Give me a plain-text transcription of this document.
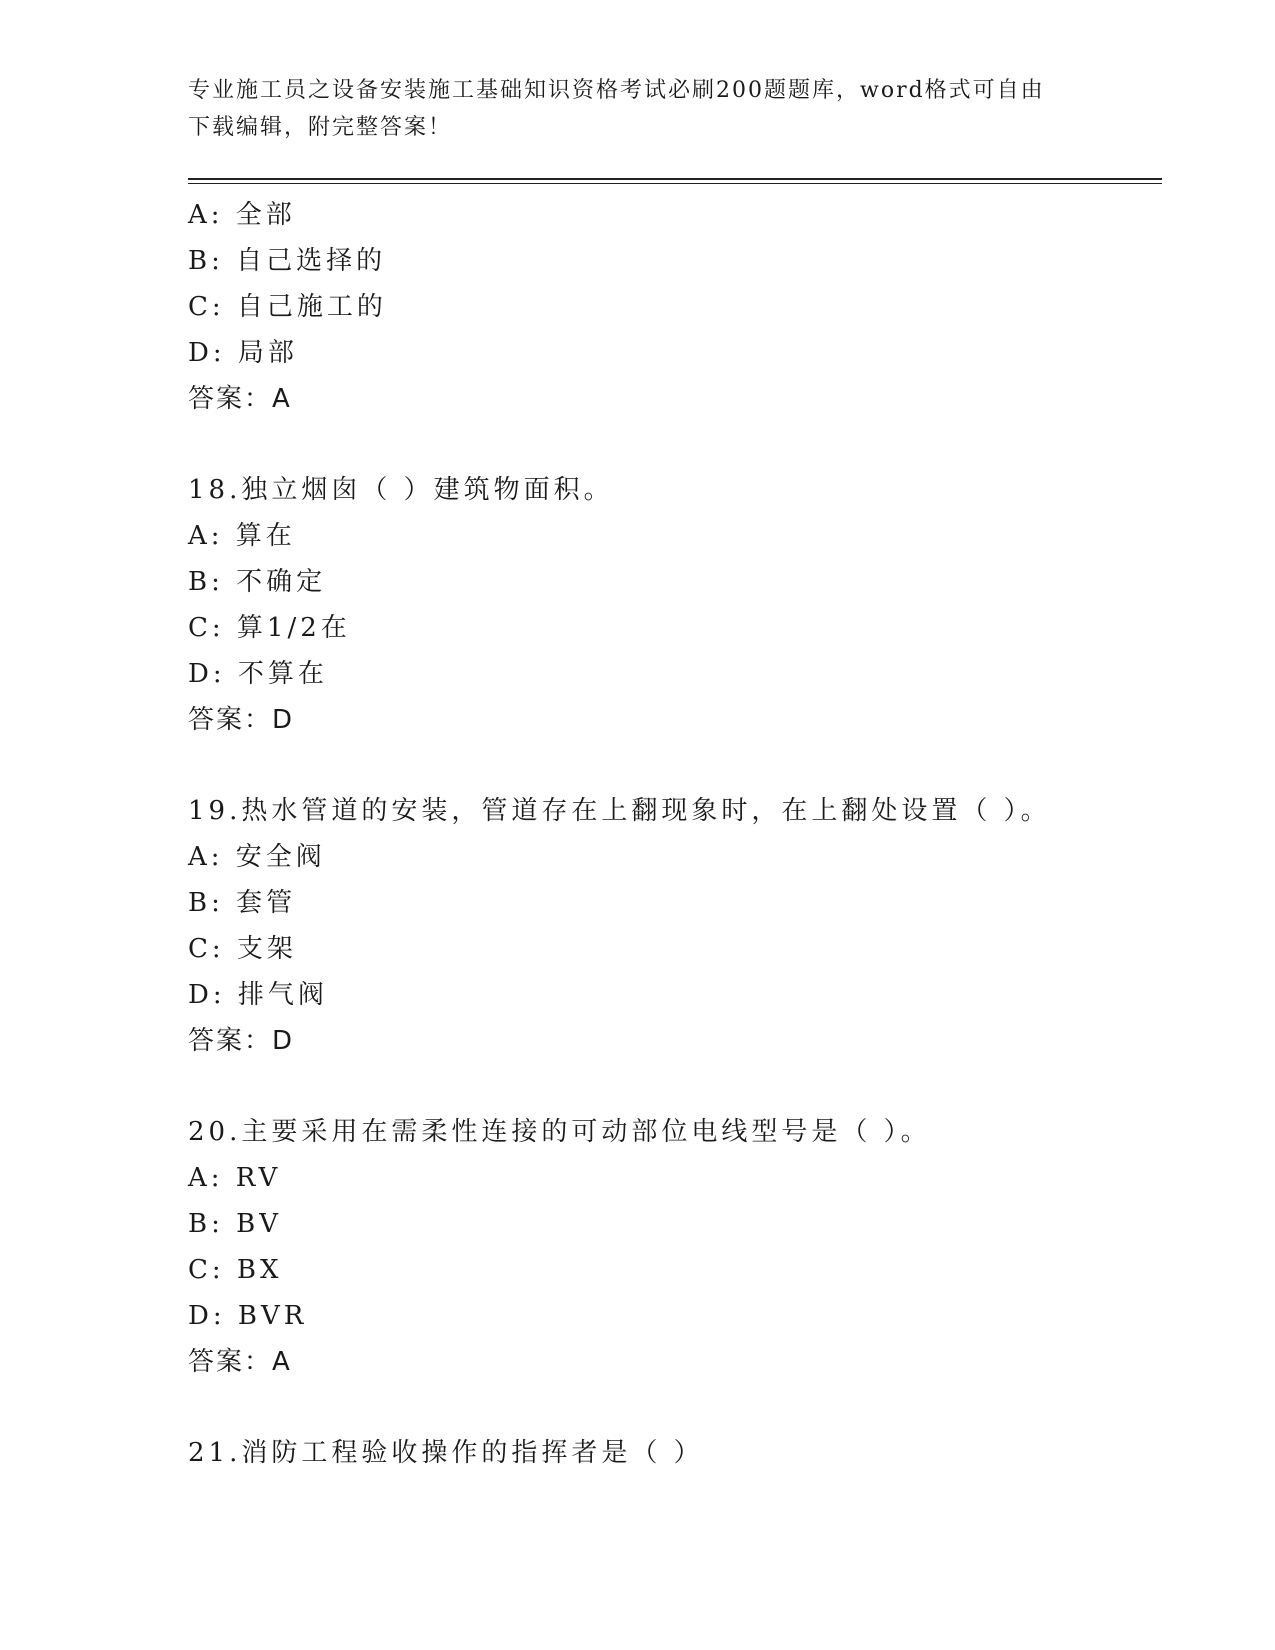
专业施工员之设备安装施工基础知识资格考试必刷200题题库，word格式可自由
下载编辑，附完整答案！
A: 全部
B: 自己选择的
C: 自己施工的
D: 局部
答案：A
18.独立烟囱（ ）建筑物面积。
A: 算在
B: 不确定
C: 算1/2在
D: 不算在
答案：D
19.热水管道的安装，管道存在上翻现象时，在上翻处设置（ ）。
A: 安全阀
B: 套管
C: 支架
D: 排气阀
答案：D
20.主要采用在需柔性连接的可动部位电线型号是（ ）。
A: RV
B: BV
C: BX
D: BVR
答案：A
21.消防工程验收操作的指挥者是（ ）
